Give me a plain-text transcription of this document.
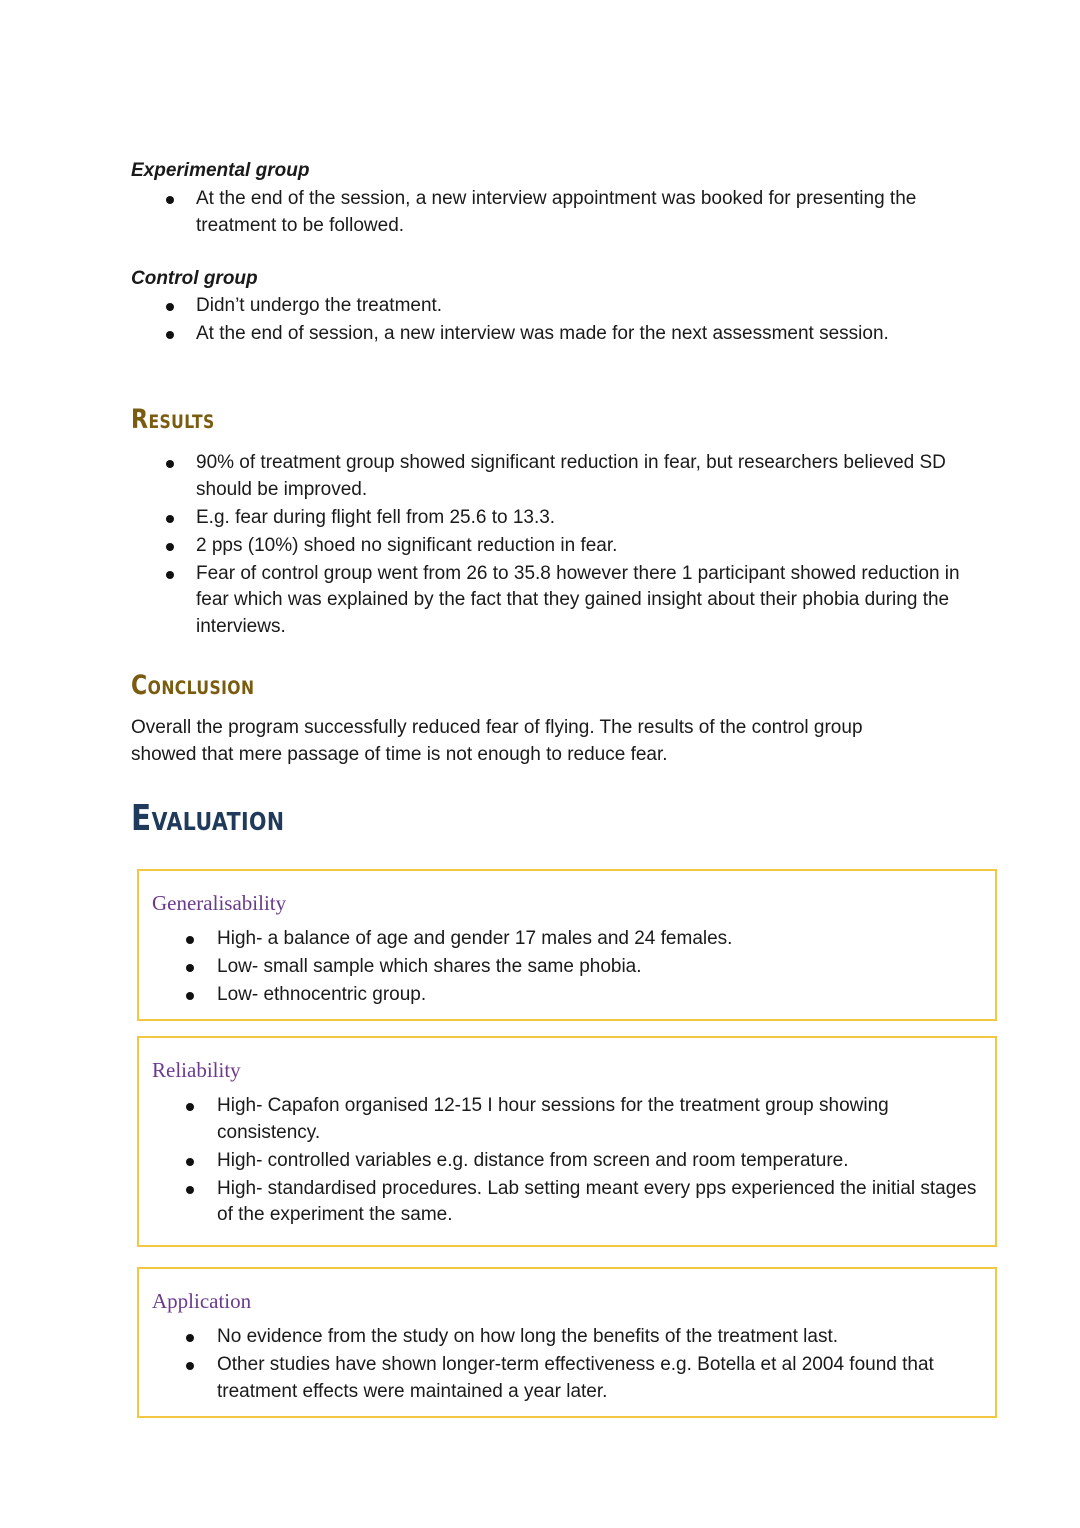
Experimental group

At the end of the session, a new interview appointment was booked for presenting the treatment to be followed.

Control group

Didn’t undergo the treatment.
At the end of session, a new interview was made for the next assessment session.
Results
90% of treatment group showed significant reduction in fear, but researchers believed SD should be improved.
E.g. fear during flight fell from 25.6 to 13.3.
2 pps (10%) shoed no significant reduction in fear.
Fear of control group went from 26 to 35.8 however there 1 participant showed reduction in fear which was explained by the fact that they gained insight about their phobia during the interviews.
Conclusion

Overall the program successfully reduced fear of flying. The results of the control group showed that mere passage of time is not enough to reduce fear.

Evaluation

Generalisability

High- a balance of age and gender 17 males and 24 females.
Low- small sample which shares the same phobia.
Low- ethnocentric group.

Reliability

High- Capafon organised 12-15 I hour sessions for the treatment group showing consistency.
High- controlled variables e.g. distance from screen and room temperature.
High- standardised procedures. Lab setting meant every pps experienced the initial stages of the experiment the same.

Application

No evidence from the study on how long the benefits of the treatment last.
Other studies have shown longer-term effectiveness e.g. Botella et al 2004 found that treatment effects were maintained a year later.
